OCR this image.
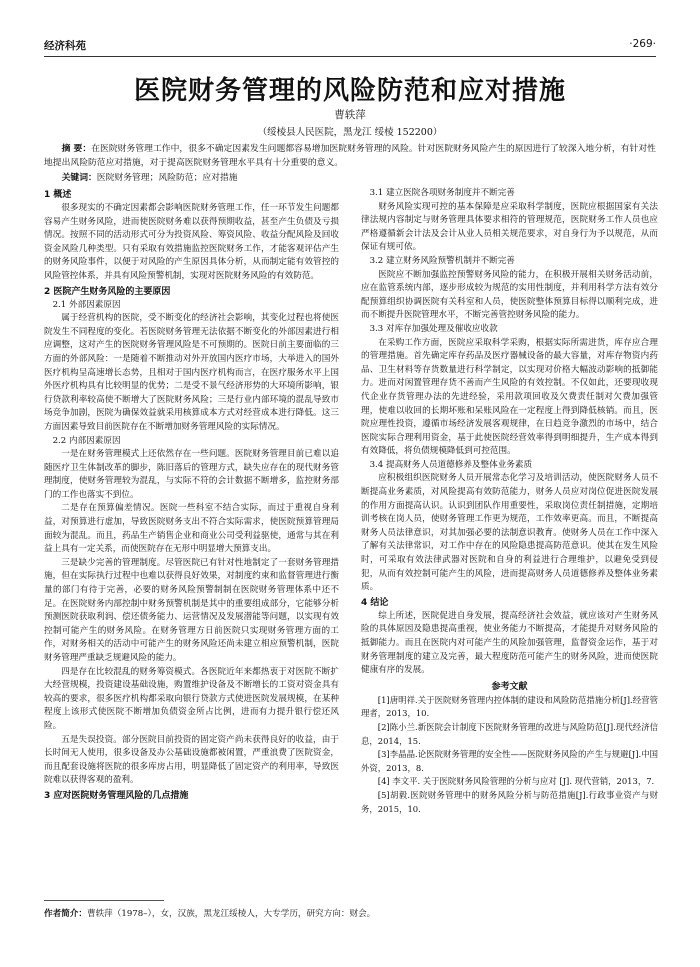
经济科苑	·269·
医院财务管理的风险防范和应对措施
曹轶萍
（绥棱县人民医院，黑龙江 绥棱 152200）
摘 要：在医院财务管理工作中，很多不确定因素发生问题都容易增加医院财务管理的风险。针对医院财务风险产生的原因进行了较深入地分析，有针对性地提出风险防范应对措施，对于提高医院财务管理水平具有十分重要的意义。
关键词：医院财务管理；风险防范；应对措施
1 概述

很多现实的不确定因素都会影响医院财务管理工作，任一环节发生问题都容易产生财务风险，进而使医院财务难以获得预期收益，甚至产生负债及亏损情况。按照不同的活动形式可分为投资风险、筹资风险、收益分配风险及回收资金风险几种类型。只有采取有效措施监控医院财务工作，才能客观评估产生的财务风险事件，以便于对风险的产生原因具体分析，从而制定能有效管控的风险管控体系，并具有风险预警机制，实现对医院财务风险的有效防范。

2 医院产生财务风险的主要原因
2.1 外部因素原因

属于经营机构的医院，受不断变化的经济社会影响，其变化过程也将使医院发生不同程度的变化。若医院财务管理无法依据不断变化的外部因素进行相应调整，这对产生的医院财务管理风险是不可预期的。医院日前主要面临的三方面的外部风险：一是随着不断推动对外开放国内医疗市场，大举进入的国外医疗机构呈高速增长态势，且相对于国内医疗机构而言，在医疗服务水平上国外医疗机构具有比较明显的优势；二是受不景气经济形势的大环境所影响，银行贷款利率较高使不断增大了医院财务风险；三是行业内部环境的混乱导致市场竞争加剧，医院为确保效益就采用核算成本方式对经营成本进行降低。这三方面因素导致目前医院存在不断增加财务管理风险的实际情况。

2.2 内部因素原因

一是在财务管理模式上还依然存在一些问题。医院财务管理目前已难以追随医疗卫生体制改革的脚步，陈旧落后的管理方式，缺失应存在的现代财务管理制度，使财务管理较为混乱，与实际不符的会计数据不断增多，监控财务部门的工作也落实不到位。

二是存在预算偏差情况。医院一些科室不结合实际，而过于重视自身利益，对预算进行虚加，导致医院财务支出不符合实际需求，使医院预算管理局面较为混乱。而且，药品生产销售企业和商业公司受利益驱使，通常与其在利益上具有一定关系，而使医院存在无形中明显增大预算支出。

三是缺少完善的管理制度。尽管医院已有针对性地制定了一套财务管理措施，但在实际执行过程中也难以获得良好效果，对制度约束和监督管理进行衡量的部门有待于完善，必要的财务风险预警制制在医院财务管理体系中还不足。在医院财务内部控制中财务预警机制是其中的重要组成部分，它能够分析预测医院获取利润、偿还债务能力、运营情况及发展潜能等问题，以实现有效控制可能产生的财务风险。在财务管理方日前医院只实现财务管理方面的工作，对财务相关的活动中可能产生的财务风险还尚未建立相应预警机制，医院财务管理严重缺乏规避风险的能力。

四是存在比较混乱的财务筹资模式。各医院近年来都热衷于对医院不断扩大经营规模，投资建设基础设施，购置维护设备及不断增长的工资对资金具有较高的要求，很多医疗机构都采取向银行贷款方式使进医院发展规模，在某种程度上该形式使医院不断增加负债资金所占比例，进而有力提升银行偿还风险。

五是失误投资。部分医院目前投资的固定资产尚未获得良好的收益，由于长时间无人使用，很多设备及办公基础设施都被闲置，严重浪费了医院资金，而且配套设施将医院的很多库房占用，明显降低了固定资产的利用率，导致医院难以获得客观的盈利。

3 应对医院财务管理风险的几点措施
3.1 建立医院各项财务制度并不断完善

财务风险实现可控的基本保障是应采取科学制度，医院应根据国家有关法律法规内容制定与财务管理具体要求相符的管理规范，医院财务工作人员也应严格遵循新会计法及会计从业人员相关规范要求，对自身行为予以规范，从而保证有规可依。

3.2 建立财务风险预警机制并不断完善

医院应不断加强监控预警财务风险的能力，在积极开展相关财务活动前，应在监管系统内部，逐步形成较为规范的实用性制度，并利用科学方法有效分配预算组织协调医院有关科室和人员，使医院整体预算目标得以顺利完成，进而不断提升医院管理水平，不断完善管控财务风险的能力。

3.3 对库存加强处理及催收应收款

在采购工作方面，医院应采取科学采购，根据实际所需进货，库存应合理的管理措施。首先确定库存药品及医疗器械设备的最大容量，对库存物资内药品、卫生材料等存货数量进行科学制定，以实现对价格大幅波动影响的抵御能力。进而对闲置管理存货不善而产生风险的有效控制。不仅如此，还要现收现代企业存货管理办法的先进经验，采用款项回收及欠费责任制对欠费加强管理，使难以收回的长期坏账和呆账风险在一定程度上得到降低核销。而且，医院应理性投资，遵循市场经济发展客观规律，在日趋竞争激烈的市场中，结合医院实际合理利用资金，基于此使医院经营效率得到明细提升，生产成本得到有效降低，将负债规模降低到可控范围。

3.4 提高财务人员道德修养及整体业务素质

应积极组织医院财务人员开展常态化学习及培训活动，使医院财务人员不断提高业务素质，对风险提高有效防范能力，财务人员应对岗位促进医院发展的作用方面提高认识。认识到团队作用重要性，采取岗位责任制措施，定期培训考核在岗人员，使财务管理工作更为规范，工作效率更高。而且，不断提高财务人员法律意识，对其加强必要的法制意识教育。使财务人员在工作中深入了解有关法律常识，对工作中存在的风险隐患提高防范意识。使其在发生风险时，可采取有效法律武器对医院和自身的利益进行合理维护，以避免受到侵犯，从而有效控制可能产生的风险，进而提高财务人员道德修养及整体业务素质。

4 结论

综上所述，医院促进自身发展，提高经济社会效益，就应该对产生财务风险的具体原因及隐患提高重视，使业务能力不断提高，才能提升对财务风险的抵御能力。而且在医院内对可能产生的风险加强管理，监督资金运作，基于对财务管理制度的建立及完善，最大程度防范可能产生的财务风险，进而使医院健康有序的发展。

参考文献

[1]唐明祥.关于医院财务管理内控体制的建设和风险防范措施分析[J].经营管理者，2013，10.

[2]陈小兰.新医院会计制度下医院财务管理的改进与风险防范[J].现代经济信息，2014，15.

[3]李晶晶.论医院财务管理的安全性——医院财务风险的产生与规避[J].中国外资，2013，8.

[4] 李文平. 关于医院财务风险管理的分析与应对 [J]. 现代营销，2013，7.

[5]胡毅.医院财务管理中的财务风险分析与防范措施[J].行政事业资产与财务，2015，10.

作者简介：曹轶萍（1978–），女，汉族，黑龙江绥棱人，大专学历，研究方向：财会。
